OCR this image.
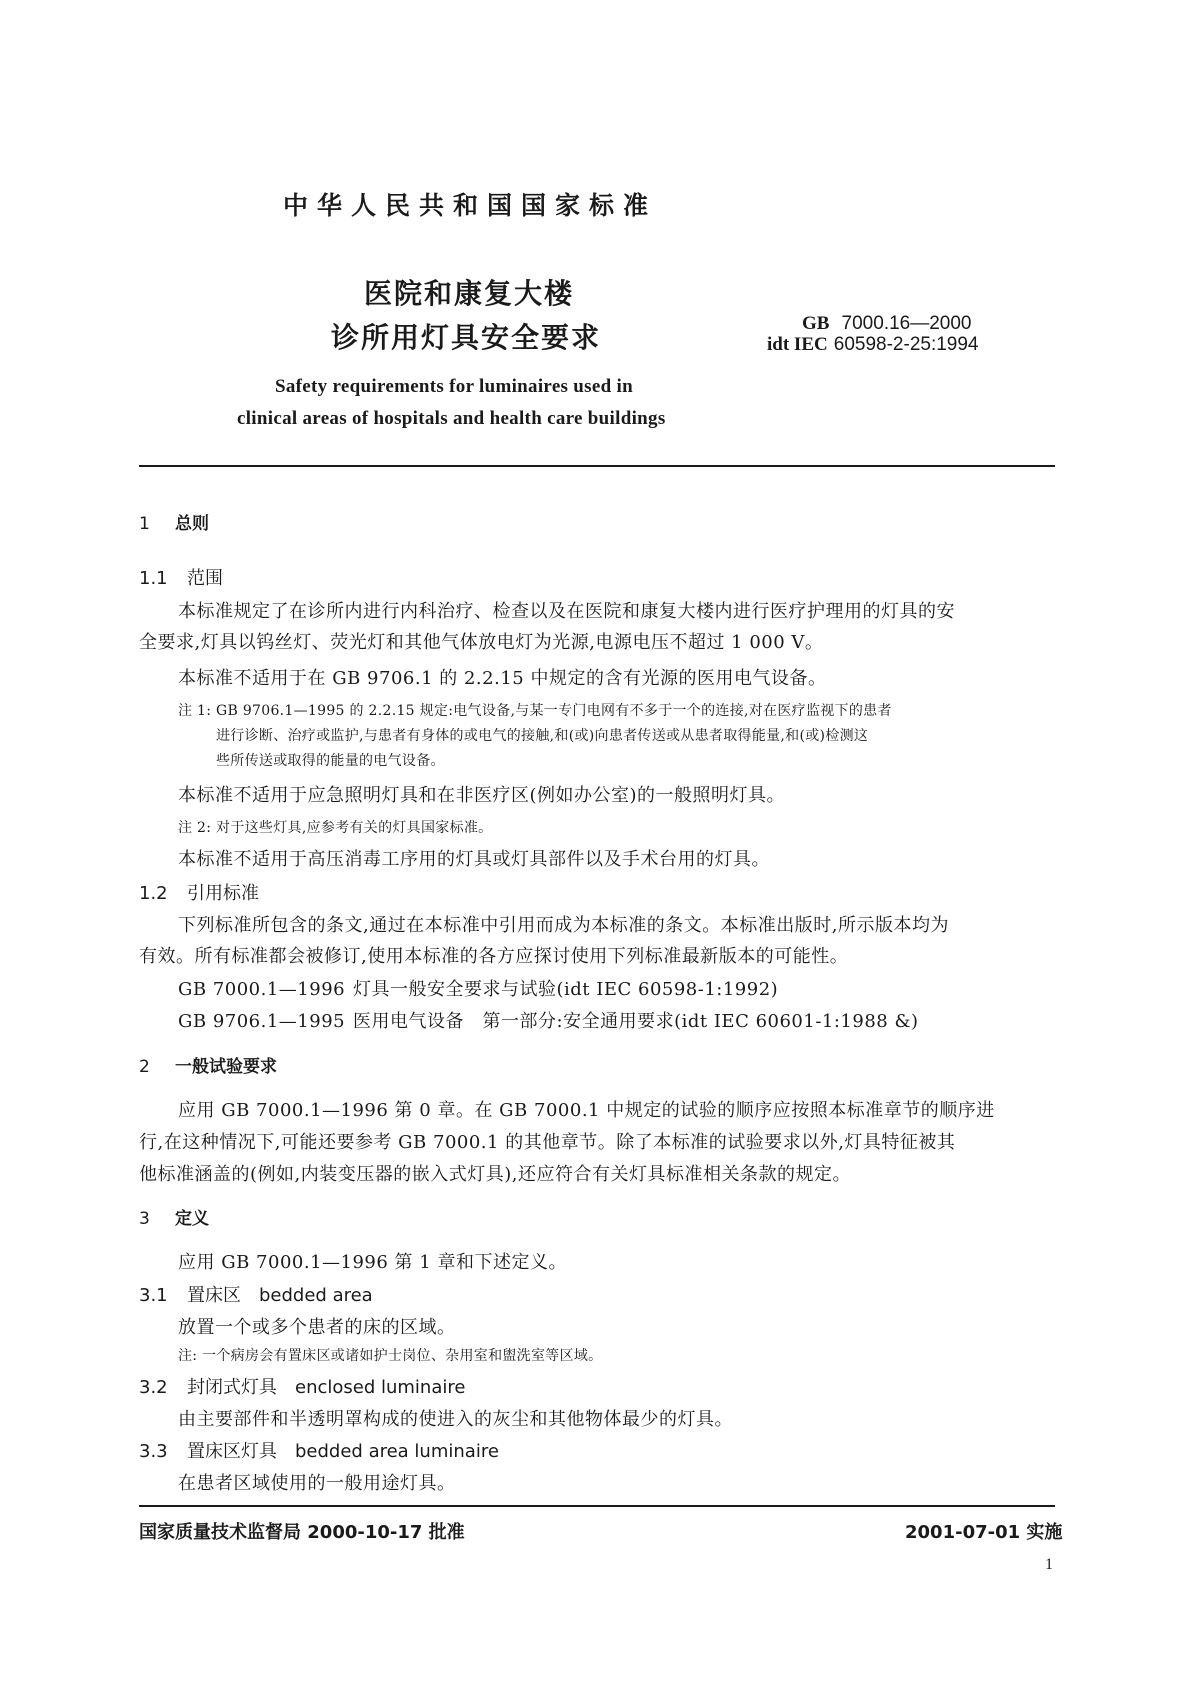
中华人民共和国国家标准
医院和康复大楼
诊所用灯具安全要求	GB 7000.16—2000
idt IEC 60598-2-25:1994
Safety requirements for luminaires used in
clinical areas of hospitals and health care buildings
1 总则
1.1 范围
本标准规定了在诊所内进行内科治疗、检查以及在医院和康复大楼内进行医疗护理用的灯具的安
全要求,灯具以钨丝灯、荧光灯和其他气体放电灯为光源,电源电压不超过 1 000 V。
本标准不适用于在 GB 9706.1 的 2.2.15 中规定的含有光源的医用电气设备。
注 1: GB 9706.1—1995 的 2.2.15 规定:电气设备,与某一专门电网有不多于一个的连接,对在医疗监视下的患者
进行诊断、治疗或监护,与患者有身体的或电气的接触,和(或)向患者传送或从患者取得能量,和(或)检测这
些所传送或取得的能量的电气设备。
本标准不适用于应急照明灯具和在非医疗区(例如办公室)的一般照明灯具。
注 2: 对于这些灯具,应参考有关的灯具国家标准。
本标准不适用于高压消毒工序用的灯具或灯具部件以及手术台用的灯具。
1.2 引用标准
下列标准所包含的条文,通过在本标准中引用而成为本标准的条文。本标准出版时,所示版本均为
有效。所有标准都会被修订,使用本标准的各方应探讨使用下列标准最新版本的可能性。
GB 7000.1—1996 灯具一般安全要求与试验(idt IEC 60598-1:1992)
GB 9706.1—1995 医用电气设备　第一部分:安全通用要求(idt IEC 60601-1:1988 &)
2 一般试验要求
应用 GB 7000.1—1996 第 0 章。在 GB 7000.1 中规定的试验的顺序应按照本标准章节的顺序进
行,在这种情况下,可能还要参考 GB 7000.1 的其他章节。除了本标准的试验要求以外,灯具特征被其
他标准涵盖的(例如,内装变压器的嵌入式灯具),还应符合有关灯具标准相关条款的规定。
3 定义
应用 GB 7000.1—1996 第 1 章和下述定义。
3.1 置床区　bedded area
放置一个或多个患者的床的区域。
注: 一个病房会有置床区或诸如护士岗位、杂用室和盥洗室等区域。
3.2 封闭式灯具　enclosed luminaire
由主要部件和半透明罩构成的使进入的灰尘和其他物体最少的灯具。
3.3 置床区灯具　bedded area luminaire
在患者区域使用的一般用途灯具。
国家质量技术监督局 2000-10-17 批准	2001-07-01 实施
1
